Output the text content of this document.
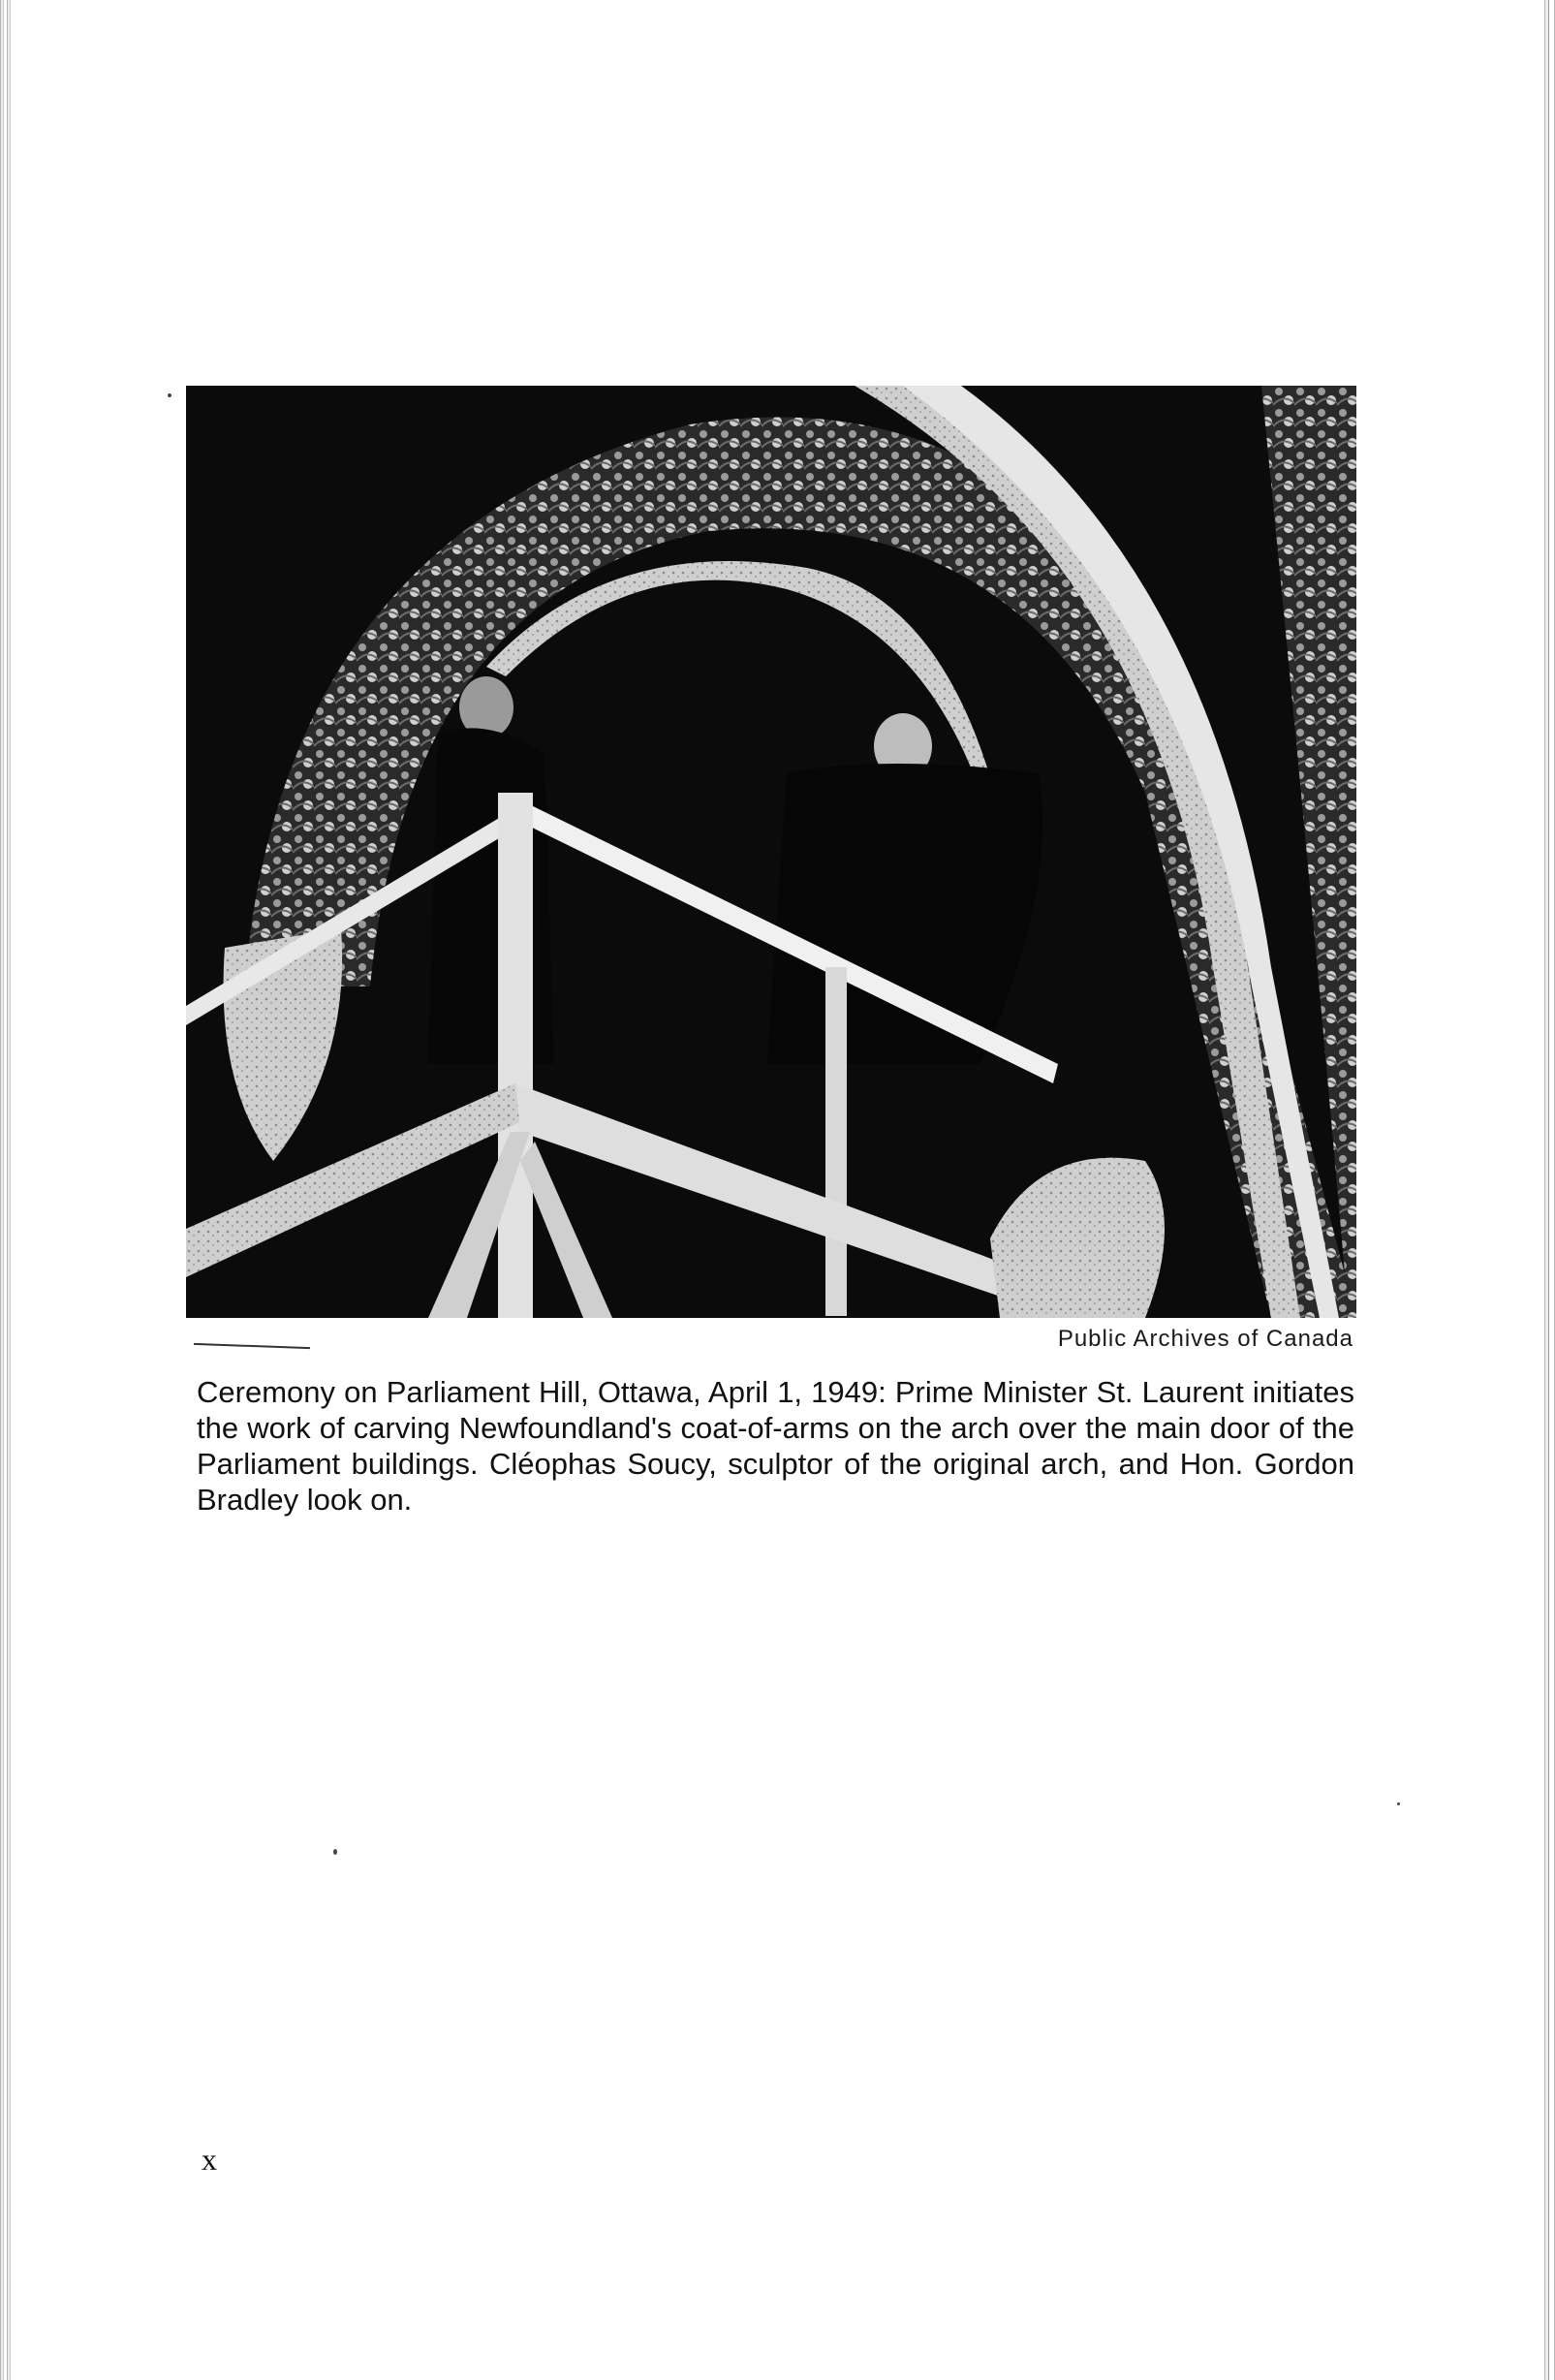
Public Archives of Canada
Ceremony on Parliament Hill, Ottawa, April 1, 1949: Prime Minister St. Laurent initiates the work of carving Newfoundland's coat-of-arms on the arch over the main door of the Parliament buildings. Cléophas Soucy, sculptor of the original arch, and Hon. Gordon Bradley look on.
x
